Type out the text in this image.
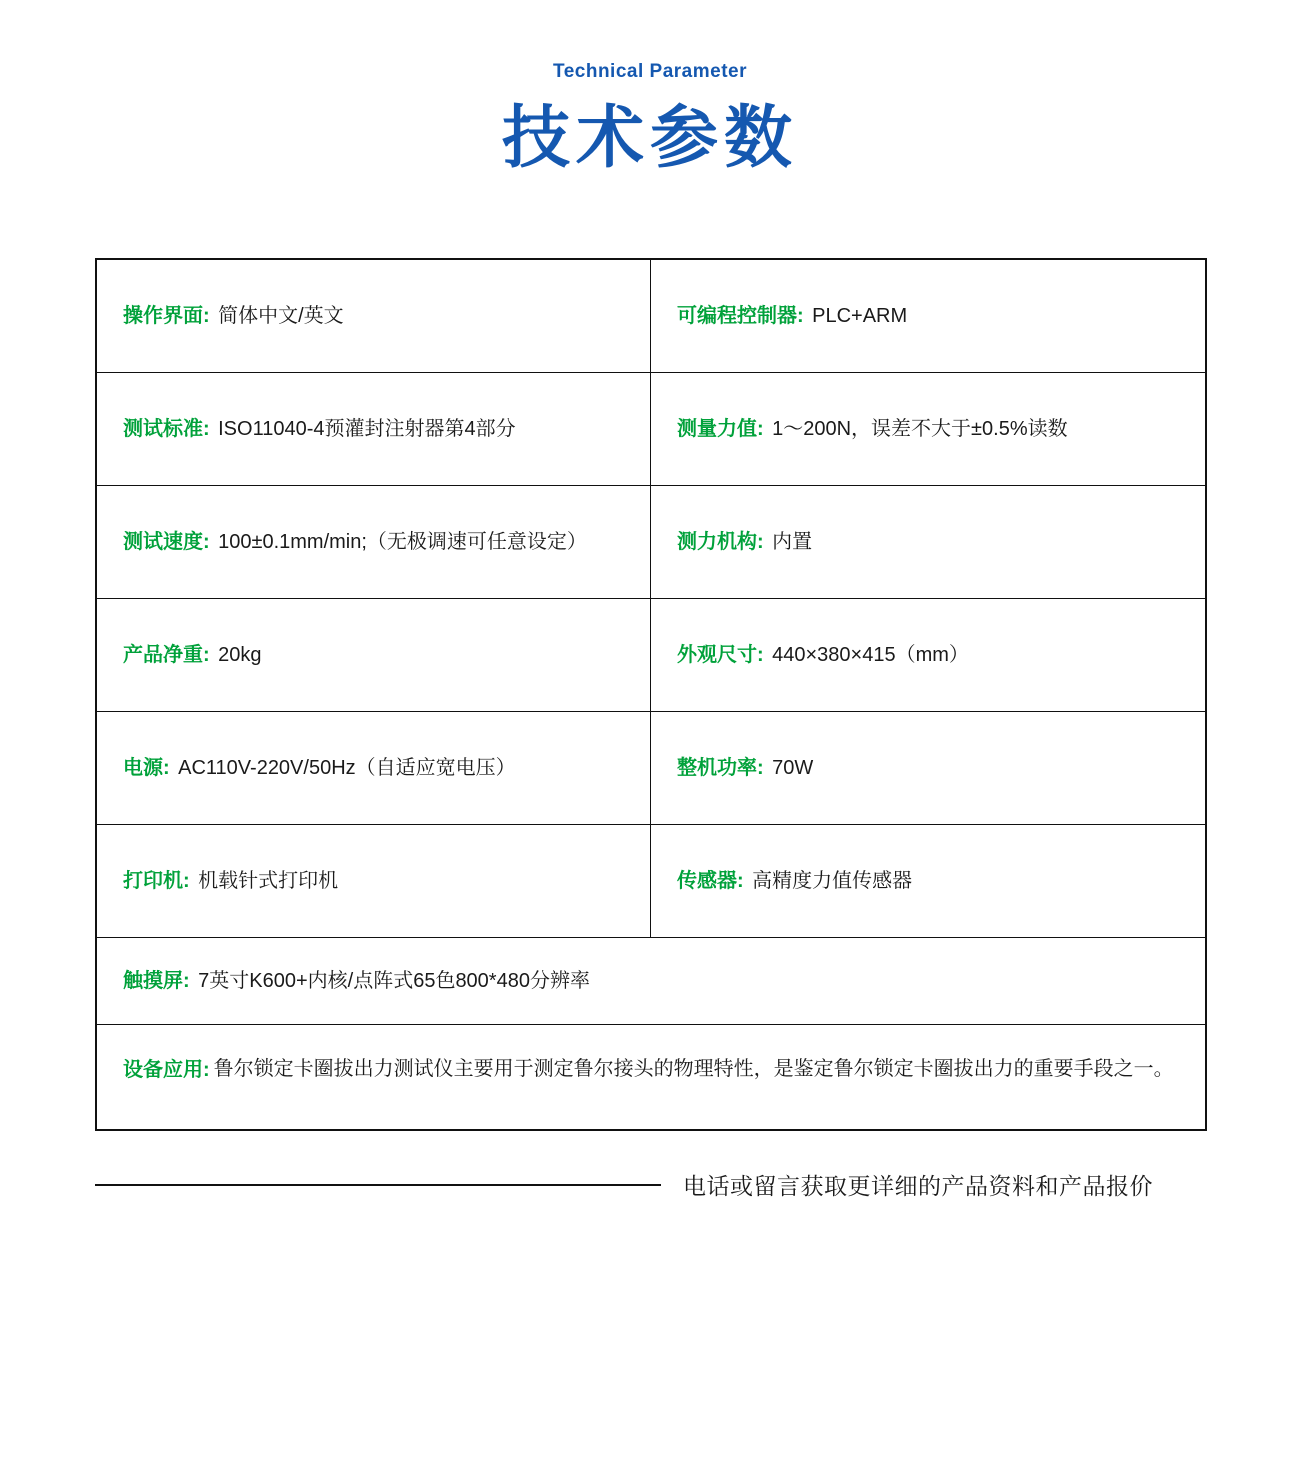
Technical Parameter
技术参数
操作界面: 简体中文/英文	可编程控制器: PLC+ARM
测试标准: ISO11040-4预灌封注射器第4部分	测量力值: 1～200N，误差不大于±0.5%读数
测试速度: 100±0.1mm/min;（无极调速可任意设定）	测力机构: 内置
产品净重: 20kg	外观尺寸: 440×380×415（mm）
电源: AC110V-220V/50Hz（自适应宽电压）	整机功率: 70W
打印机: 机载针式打印机	传感器: 高精度力值传感器
触摸屏: 7英寸K600+内核/点阵式65色800*480分辨率
设备应用: 鲁尔锁定卡圈拔出力测试仪主要用于测定鲁尔接头的物理特性，是鉴定鲁尔锁定卡圈拔出力的重要手段之一。
电话或留言获取更详细的产品资料和产品报价
